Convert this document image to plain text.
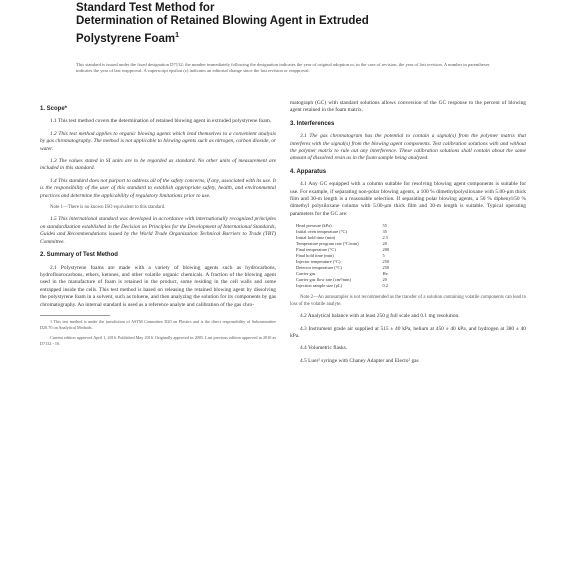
Standard Test Method for
Determination of Retained Blowing Agent in Extruded
Polystyrene Foam$^1$
This standard is issued under the fixed designation D7132; the number immediately following the designation indicates the year of original adoption or, in the case of revision, the year of last revision. A number in parentheses indicates the year of last reapproval. A superscript epsilon (ε) indicates an editorial change since the last revision or reapproval.
1. Scope*

1.1 This test method covers the determination of retained blowing agent in extruded polystyrene foam.

1.2 This test method applies to organic blowing agents which lend themselves to a convenient analysis by gas chromatography. The method is not applicable to blowing agents such as nitrogen, carbon dioxide, or water.

1.3 The values stated in SI units are to be regarded as standard. No other units of measurement are included in this standard.

1.4 This standard does not purport to address all of the safety concerns, if any, associated with its use. It is the responsibility of the user of this standard to establish appropriate safety, health, and environmental practices and determine the applicability of regulatory limitations prior to use.

Note 1—There is no known ISO equivalent to this standard.

1.5 This international standard was developed in accordance with internationally recognized principles on standardization established in the Decision on Principles for the Development of International Standards, Guides and Recommendations issued by the World Trade Organization Technical Barriers to Trade (TBT) Committee.

2. Summary of Test Method

2.1 Polystyrene foams are made with a variety of blowing agents such as hydrocarbons, hydrofluorocarbons, ethers, ketones, and other volatile organic chemicals. A fraction of the blowing agent used in the manufacture of foam is retained in the product, some residing in the cell walls and some entrapped inside the cells. This test method is based on releasing the retained blowing agent by dissolving the polystyrene foam in a solvent, such as toluene, and then analyzing the solution for its components by gas chromatography. An internal standard is used as a reference analyte and calibration of the gas chro-

1 This test method is under the jurisdiction of ASTM Committee D20 on Plastics and is the direct responsibility of Subcommittee D20.70 on Analytical Methods.

Current edition approved April 1, 2016. Published May 2016. Originally approved in 2005. Last previous edition approved in 2010 as D7132 - 10.

matograph (GC) with standard solutions allows conversion of the GC response to the percent of blowing agent retained in the foam matrix.

3. Interferences

3.1 The gas chromatogram has the potential to contain a signal(s) from the polymer matrix that interferes with the signal(s) from the blowing agent components. Test calibration solutions with and without the polymer matrix to rule out any interference. These calibration solutions shall contain about the same amount of dissolved resin as in the foam sample being analyzed.

4. Apparatus

4.1 Any GC equipped with a column suitable for resolving blowing agent components is suitable for use. For example, if separating non-polar blowing agents, a 100 % dimethylpolysiloxane with 5.00-μm thick film and 30-m length is a reasonable selection. If separating polar blowing agents, a 50 % diphenyl/50 % dimethyl polysiloxane column with 5.00-μm thick film and 30-m length is suitable. Typical operating parameters for the GC are:

Head pressure (kPa)	55
Initial oven temperature (°C)	35
Initial hold time (min)	2.5
Temperature program rate (°C/min)	20
Final temperature (°C)	200
Final hold time (min)	5
Injector temperature (°C)	250
Detector temperature (°C)	250
Carrier gas	He
Carrier gas flow rate (cm³/min)	20
Injection sample size (μL)	0.2
Note 2—An autosampler is not recommended as the transfer of a solution containing volatile components can lead to loss of the volatile analyte.

4.2 Analytical balance with at least 250 g full scale and 0.1 mg resolution.

4.3 Instrument grade air supplied at 515 ± 40 kPa, helium at 450 ± 40 kPa, and hydrogen at 380 ± 40 kPa.

4.4 Volumetric flasks.

4.5 Luer² syringe with Chaney Adapter and Electo² gas
